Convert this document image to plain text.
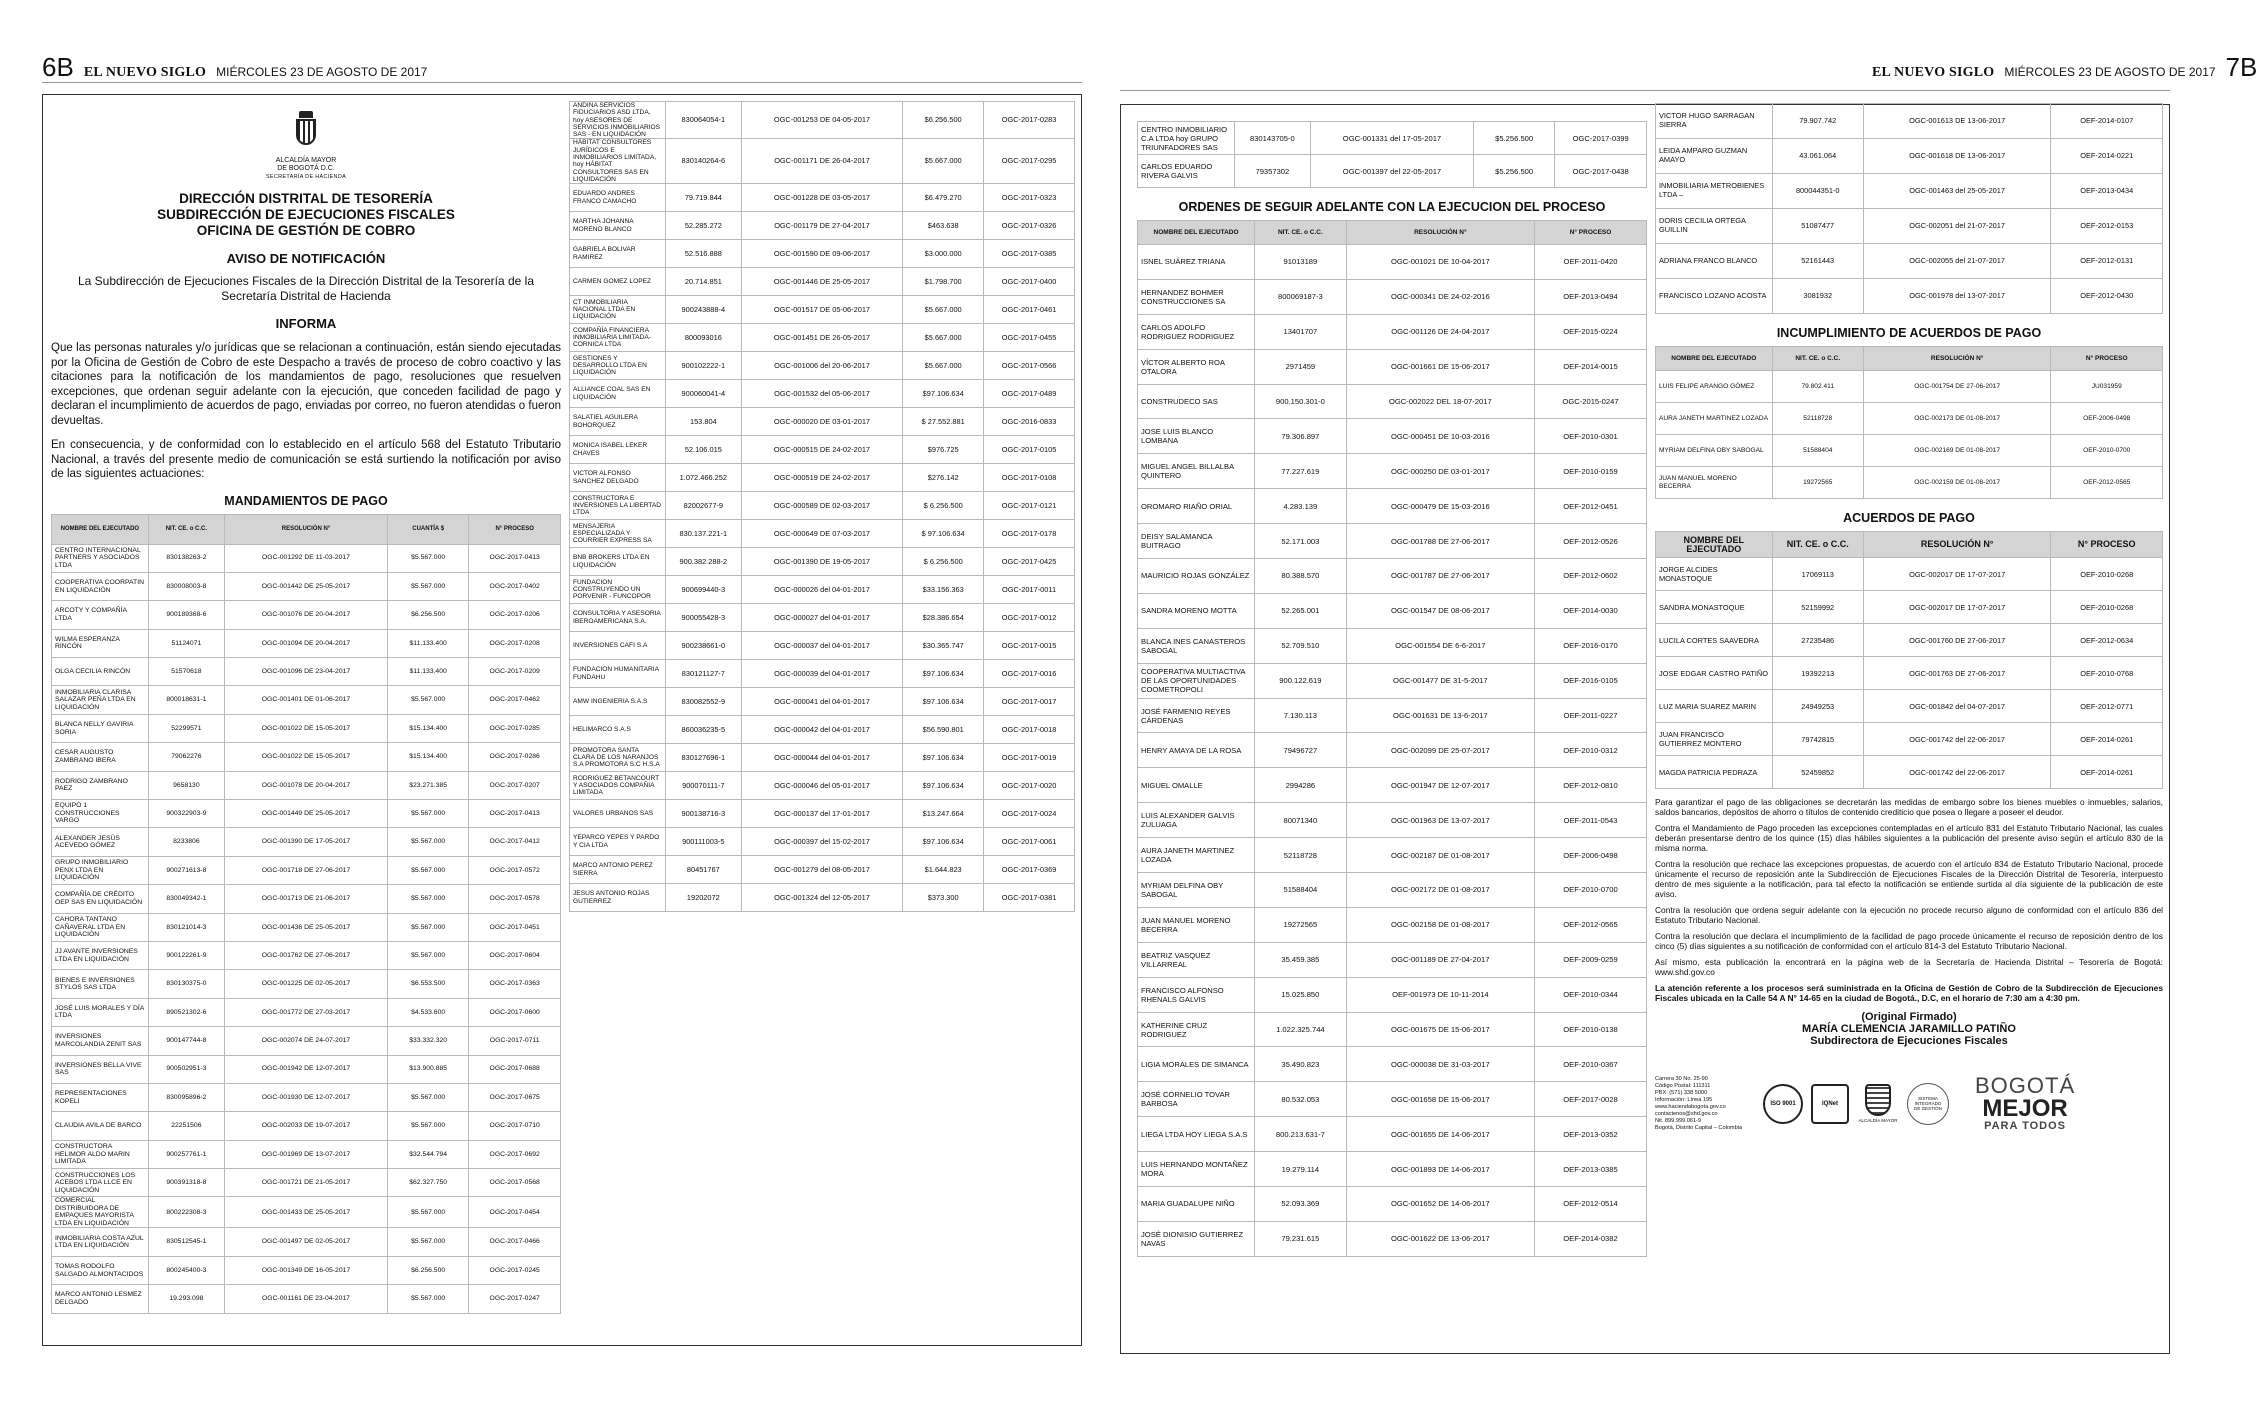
6B EL NUEVO SIGLO MIÉRCOLES 23 DE AGOSTO DE 2017	EL NUEVO SIGLO MIÉRCOLES 23 DE AGOSTO DE 2017 7B
ALCALDÍA MAYOR
DE BOGOTÁ D.C.
SECRETARÍA DE HACIENDA
DIRECCIÓN DISTRITAL DE TESORERÍA
SUBDIRECCIÓN DE EJECUCIONES FISCALES
OFICINA DE GESTIÓN DE COBRO
AVISO DE NOTIFICACIÓN
La Subdirección de Ejecuciones Fiscales de la Dirección Distrital de la Tesorería de la Secretaría Distrital de Hacienda
INFORMA
Que las personas naturales y/o jurídicas que se relacionan a continuación, están siendo ejecutadas por la Oficina de Gestión de Cobro de este Despacho a través de proceso de cobro coactivo y las citaciones para la notificación de los mandamientos de pago, resoluciones que resuelven excepciones, que ordenan seguir adelante con la ejecución, que conceden facilidad de pago y declaran el incumplimiento de acuerdos de pago, enviadas por correo, no fueron atendidas o fueron devueltas.
En consecuencia, y de conformidad con lo establecido en el artículo 568 del Estatuto Tributario Nacional, a través del presente medio de comunicación se está surtiendo la notificación por aviso de las siguientes actuaciones:
MANDAMIENTOS DE PAGO
NOMBRE DEL EJECUTADO	NIT. CE. o C.C.	RESOLUCIÓN N°	CUANTÍA $	N° PROCESO
CENTRO INTERNACIONAL PARTNERS Y ASOCIADOS LTDA	830138263-2	OGC-001292 DE 11-03-2017	$5.567.000	OGC-2017-0413
COOPERATIVA COORPATIN EN LIQUIDACIÓN	830008003-8	OGC-001442 DE 25-05-2017	$5.567.000	OGC-2017-0402
ARCOTY Y COMPAÑÍA LTDA	900189368-6	OGC-001076 DE 20-04-2017	$6.256.500	OGC-2017-0206
WILMA ESPERANZA RINCÓN	51124071	OGC-001094 DE 20-04-2017	$11.133.400	OGC-2017-0208
OLGA CECILIA RINCÓN	51570618	OGC-001096 DE 23-04-2017	$11.133.400	OGC-2017-0209
INMOBILIARIA CLARISA SALAZAR PEÑA LTDA EN LIQUIDACIÓN	800018631-1	OGC-001401 DE 01-06-2017	$5.567.000	OGC-2017-0462
BLANCA NELLY GAVIRIA SORIA	52299571	OGC-001022 DE 15-05-2017	$15.134.400	OGC-2017-0285
CESAR AUGUSTO ZAMBRANO IBERA	79062276	OGC-001022 DE 15-05-2017	$15.134.400	OGC-2017-0286
RODRIGO ZAMBRANO PAEZ	9658130	OGC-001078 DE 20-04-2017	$23.271.385	OGC-2017-0207
EQUIPO 1 CONSTRUCCIONES VARGO	900322903-9	OGC-001449 DE 25-05-2017	$5.567.000	OGC-2017-0413
ALEXANDER JESÚS ACEVEDO GÓMEZ	8233806	OGC-001390 DE 17-05-2017	$5.567.000	OGC-2017-0412
GRUPO INMOBILIARIO PENX LTDA EN LIQUIDACIÓN	900271613-8	OGC-001718 DE 27-06-2017	$5.567.000	OGC-2017-0572
COMPAÑÍA DE CRÉDITO OEP SAS EN LIQUIDACIÓN	830049342-1	OGC-001713 DE 21-06-2017	$5.567.000	OGC-2017-0578
CAHORA TANTANO CAÑAVERAL LTDA EN LIQUIDACIÓN	830121014-3	OGC-001436 DE 25-05-2017	$5.567.000	OGC-2017-0451
JJ AVANTE INVERSIONES LTDA EN LIQUIDACIÓN	900122261-9	OGC-001762 DE 27-06-2017	$5.567.000	OGC-2017-0604
BIENES E INVERSIONES STYLOS SAS LTDA	830130375-0	OGC-001225 DE 02-05-2017	$6.553.500	OGC-2017-0363
JOSÉ LUIS MORALES Y DÍA LTDA	890521302-6	OGC-001772 DE 27-03-2017	$4.533.600	OGC-2017-0600
INVERSIONES MARCOLANDIA ZENIT SAS	900147744-8	OGC-002074 DE 24-07-2017	$33.332.320	OGC-2017-0711
INVERSIONES BELLA VIVE SAS	900502951-3	OGC-001942 DE 12-07-2017	$13.900.885	OGC-2017-0688
REPRESENTACIONES KOPELI	830095896-2	OGC-001930 DE 12-07-2017	$5.567.000	OGC-2017-0675
CLAUDIA AVILA DE BARCO	22251506	OGC-002033 DE 19-07-2017	$5.567.000	OGC-2017-0710
CONSTRUCTORA HELIMOR ALDO MARIN LIMITADA	900257761-1	OGC-001969 DE 13-07-2017	$32.544.794	OGC-2017-0692
CONSTRUCCIONES LOS ACEBOS LTDA LLCE EN LIQUIDACIÓN	900391318-8	OGC-001721 DE 21-05-2017	$62.327.750	OGC-2017-0568
COMERCIAL DISTRIBUIDORA DE EMPAQUES MAYORISTA LTDA EN LIQUIDACIÓN	800222308-3	OGC-001433 DE 25-05-2017	$5.567.000	OGC-2017-0454
INMOBILIARIA COSTA AZUL LTDA EN LIQUIDACIÓN	830512545-1	OGC-001497 DE 02-05-2017	$5.567.000	OGC-2017-0466
TOMAS RODOLFO SALGADO ALMONTACIDOS	800245400-3	OGC-001349 DE 16-05-2017	$6.256.500	OGC-2017-0245
MARCO ANTONIO LESMEZ DELGADO	19.293.098	OGC-001161 DE 23-04-2017	$5.567.000	OGC-2017-0247
ANDINA SERVICIOS FIDUCIARIOS ASD LTDA, hoy ASESORES DE SERVICIOS INMOBILIARIOS SAS - EN LIQUIDACIÓN	830064054-1	OGC-001253 DE 04-05-2017	$6.256.500	OGC-2017-0283
HÁBITAT CONSULTORES JURÍDICOS E INMOBILIARIOS LIMITADA, hoy HÁBITAT CONSULTORES SAS EN LIQUIDACIÓN	830140264-6	OGC-001171 DE 26-04-2017	$5.667.000	OGC-2017-0295
EDUARDO ANDRES FRANCO CAMACHO	79.719.844	OGC-001228 DE 03-05-2017	$6.479.270	OGC-2017-0323
MARTHA JOHANNA MORENO BLANCO	52.285.272	OGC-001179 DE 27-04-2017	$463.638	OGC-2017-0326
GABRIELA BOLIVAR RAMIREZ	52.516.888	OGC-001590 DE 09-06-2017	$3.000.000	OGC-2017-0385
CARMEN GOMEZ LOPEZ	20.714.851	OGC-001446 DE 25-05-2017	$1.798.700	OGC-2017-0400
CT INMOBILIARIA NACIONAL LTDA EN LIQUIDACIÓN	900243888-4	OGC-001517 DE 05-06-2017	$5.667.000	OGC-2017-0461
COMPAÑÍA FINANCIERA INMOBILIARIA LIMITADA-CORNICA LTDA	800093016	OGC-001451 DE 26-05-2017	$5.667.000	OGC-2017-0455
GESTIONES Y DESARROLLO LTDA EN LIQUIDACIÓN	900102222-1	OGC-001006 del 20-06-2017	$5.667.000	OGC-2017-0566
ALLIANCE COAL SAS EN LIQUIDACIÓN	900060041-4	OGC-001532 del 05-06-2017	$97.106.634	OGC-2017-0489
SALATIEL AGUILERA BOHORQUEZ	153.804	OGC-000020 DE 03-01-2017	$ 27.552.881	OGC-2016-0833
MONICA ISABEL LEKER CHAVES	52.106.015	OGC-000515 DE 24-02-2017	$976.725	OGC-2017-0105
VICTOR ALFONSO SANCHEZ DELGADO	1.072.466.252	OGC-000519 DE 24-02-2017	$276.142	OGC-2017-0108
CONSTRUCTORA E INVERSIONES LA LIBERTAD LTDA	82002677-9	OGC-000589 DE 02-03-2017	$ 6.256.500	OGC-2017-0121
MENSAJERIA ESPECIALIZADA Y COURRIER EXPRESS SA	830.137.221-1	OGC-000649 DE 07-03-2017	$ 97.106.634	OGC-2017-0178
BNB BROKERS LTDA EN LIQUIDACIÓN	900.382.288-2	OGC-001390 DE 19-05-2017	$ 6.256.500	OGC-2017-0425
FUNDACION CONSTRUYENDO UN PORVENIR - FUNCOPOR	900699440-3	OGC-000026 del 04-01-2017	$33.156.363	OGC-2017-0011
CONSULTORIA Y ASESORIA IBEROAMERICANA S.A.	900055428-3	OGC-000027 del 04-01-2017	$28.386.654	OGC-2017-0012
INVERSIONES CAFI S.A	900238661-0	OGC-000037 del 04-01-2017	$30.365.747	OGC-2017-0015
FUNDACION HUMANITARIA FUNDAHU	830121127-7	OGC-000039 del 04-01-2017	$97.106.634	OGC-2017-0016
AMW INGENIERIA S.A.S	830082552-9	OGC-000041 del 04-01-2017	$97.106.634	OGC-2017-0017
HELIMARCO S.A.S	860036235-5	OGC-000042 del 04-01-2017	$56.590.801	OGC-2017-0018
PROMOTORA SANTA CLARA DE LOS NARANJOS S.A PROMOTORA S.C H.S.A	830127696-1	OGC-000044 del 04-01-2017	$97.106.634	OGC-2017-0019
RODRIGUEZ BETANCOURT Y ASOCIADOS COMPAÑIA LIMITADA	900070111-7	OGC-000046 del 05-01-2017	$97.106.634	OGC-2017-0020
VALORES URBANOS SAS	900138716-3	OGC-000137 del 17-01-2017	$13.247.664	OGC-2017-0024
YEPARCO YEPES Y PARDO Y CIA LTDA	900111003-5	OGC-000397 del 15-02-2017	$97.106.634	OGC-2017-0061
MARCO ANTONIO PEREZ SIERRA	80451767	OGC-001279 del 08-05-2017	$1.644.823	OGC-2017-0369
JESUS ANTONIO ROJAS GUTIERREZ	19202072	OGC-001324 del 12-05-2017	$373.300	OGC-2017-0381
CENTRO INMOBILIARIO C.A LTDA hoy GRUPO TRIUNFADORES SAS	830143705-0	OGC-001331 del 17-05-2017	$5.256.500	OGC-2017-0399
CARLOS EDUARDO RIVERA GALVIS	79357302	OGC-001397 del 22-05-2017	$5.256.500	OGC-2017-0438
ORDENES DE SEGUIR ADELANTE CON LA EJECUCION DEL PROCESO
NOMBRE DEL EJECUTADO	NIT. CE. o C.C.	RESOLUCIÓN N°	N° PROCESO
ISNEL SUÁREZ TRIANA	91013189	OGC-001021 DE 10-04-2017	OEF-2011-0420
HERNANDEZ BOHMER CONSTRUCCIONES SA	800069187-3	OGC-000341 DE 24-02-2016	OEF-2013-0494
CARLOS ADOLFO RODRIGUEZ RODRIGUEZ	13401707	OGC-001126 DE 24-04-2017	OEF-2015-0224
VÍCTOR ALBERTO ROA OTALORA	2971459	OGC-001661 DE 15-06-2017	OEF-2014-0015
CONSTRUDECO SAS	900.150.301-0	OGC-002022 DEL 18-07-2017	OGC-2015-0247
JOSE LUIS BLANCO LOMBANA	79.306.897	OGC-000451 DE 10-03-2016	OEF-2010-0301
MIGUEL ANGEL BILLALBA QUINTERO	77.227.619	OGC-000250 DE 03-01-2017	OEF-2010-0159
OROMARO RIAÑO ORIAL	4.283.139	OGC-000479 DE 15-03-2016	OEF-2012-0451
DEISY SALAMANCA BUITRAGO	52.171.003	OGC-001788 DE 27-06-2017	OEF-2012-0526
MAURICIO ROJAS GONZÁLEZ	80.388.570	OGC-001787 DE 27-06-2017	OEF-2012-0602
SANDRA MORENO MOTTA	52.265.001	OGC-001547 DE 08-06-2017	OEF-2014-0030
BLANCA INES CANASTEROS SABOGAL	52.709.510	OGC-001554 DE 6-6-2017	OEF-2016-0170
COOPERATIVA MULTIACTIVA DE LAS OPORTUNIDADES COOMETROPOLI	900.122.619	OGC-001477 DE 31-5-2017	OEF-2016-0105
JOSÉ FARMENIO REYES CÁRDENAS	7.130.113	OGC-001631 DE 13-6-2017	OEF-2011-0227
HENRY AMAYA DE LA ROSA	79496727	OGC-002099 DE 25-07-2017	OEF-2010-0312
MIGUEL OMALLE	2994286	OGC-001947 DE 12-07-2017	OEF-2012-0810
LUIS ALEXANDER GALVIS ZULUAGA	80071340	OGC-001963 DE 13-07-2017	OEF-2011-0543
AURA JANETH MARTINEZ LOZADA	52118728	OGC-002187 DE 01-08-2017	OEF-2006-0498
MYRIAM DELFINA OBY SABOGAL	51588404	OGC-002172 DE 01-08-2017	OEF-2010-0700
JUAN MANUEL MORENO BECERRA	19272565	OGC-002158 DE 01-08-2017	OEF-2012-0565
BEATRIZ VASQUEZ VILLARREAL	35.459.385	OGC-001189 DE 27-04-2017	OEF-2009-0259
FRANCISCO ALFONSO RHENALS GALVIS	15.025.850	OEF-001973 DE 10-11-2014	OEF-2010-0344
KATHERINE CRUZ RODRIGUEZ	1.022.325.744	OGC-001675 DE 15-06-2017	OEF-2010-0138
LIGIA MORALES DE SIMANCA	35.490.823	OGC-000038 DE 31-03-2017	OEF-2010-0367
JOSÉ CORNELIO TOVAR BARBOSA	80.532.053	OGC-001658 DE 15-06-2017	OEF-2017-0028
LIEGA LTDA HOY LIEGA S.A.S	800.213.631-7	OGC-001655 DE 14-06-2017	OEF-2013-0352
LUIS HERNANDO MONTAÑEZ MORA	19.279.114	OGC-001893 DE 14-06-2017	OEF-2013-0385
MARIA GUADALUPE NIÑO	52.093.369	OGC-001652 DE 14-06-2017	OEF-2012-0514
JOSÉ DIONISIO GUTIERREZ NAVAS	79.231.615	OGC-001622 DE 13-06-2017	OEF-2014-0382
VICTOR HUGO SARRAGAN SIERRA	79.907.742	OGC-001613 DE 13-06-2017	OEF-2014-0107
LEIDA AMPARO GUZMAN AMAYO	43.061.064	OGC-001618 DE 13-06-2017	OEF-2014-0221
INMOBILIARIA METROBIENES LTDA –	800044351-0	OGC-001463 del 25-05-2017	OEF-2013-0434
DORIS CECILIA ORTEGA GUILLIN	51087477	OGC-002051 del 21-07-2017	OEF-2012-0153
ADRIANA FRANCO BLANCO	52161443	OGC-002055 del 21-07-2017	OEF-2012-0131
FRANCISCO LOZANO ACOSTA	3081932	OGC-001978 del 13-07-2017	OEF-2012-0430
INCUMPLIMIENTO DE ACUERDOS DE PAGO
NOMBRE DEL EJECUTADO	NIT. CE. o C.C.	RESOLUCIÓN N°	N° PROCESO
LUIS FELIPE ARANGO GÓMEZ	79.802.411	OGC-001754 DE 27-06-2017	JU031959
AURA JANETH MARTINEZ LOZADA	52118728	OGC-002173 DE 01-08-2017	OEF-2006-0498
MYRIAM DELFINA OBY SABOGAL	51588404	OGC-002169 DE 01-08-2017	OEF-2010-0700
JUAN MANUEL MORENO BECERRA	19272565	OGC-002159 DE 01-08-2017	OEF-2012-0565
ACUERDOS DE PAGO
NOMBRE DEL EJECUTADO	NIT. CE. o C.C.	RESOLUCIÓN N°	N° PROCESO
JORGE ALCIDES MONASTOQUE	17069113	OGC-002017 DE 17-07-2017	OEF-2010-0268
SANDRA MONASTOQUE	52159992	OGC-002017 DE 17-07-2017	OEF-2010-0268
LUCILA CORTES SAAVEDRA	27235486	OGC-001760 DE 27-06-2017	OEF-2012-0634
JOSE EDGAR CASTRO PATIÑO	19392213	OGC-001763 DE 27-06-2017	OEF-2010-0768
LUZ MARIA SUAREZ MARIN	24949253	OGC-001842 del 04-07-2017	OEF-2012-0771
JUAN FRANCISCO GUTIERREZ MONTERO	79742815	OGC-001742 del 22-06-2017	OEF-2014-0261
MAGDA PATRICIA PEDRAZA	52459852	OGC-001742 del 22-06-2017	OEF-2014-0261

Para garantizar el pago de las obligaciones se decretarán las medidas de embargo sobre los bienes muebles o inmuebles, salarios, saldos bancarios, depósitos de ahorro o títulos de contenido crediticio que posea o llegare a poseer el deudor.

Contra el Mandamiento de Pago proceden las excepciones contempladas en el artículo 831 del Estatuto Tributario Nacional, las cuales deberán presentarse dentro de los quince (15) días hábiles siguientes a la publicación del presente aviso según el artículo 830 de la misma norma.

Contra la resolución que rechace las excepciones propuestas, de acuerdo con el artículo 834 de Estatuto Tributario Nacional, procede únicamente el recurso de reposición ante la Subdirección de Ejecuciones Fiscales de la Dirección Distrital de Tesorería, interpuesto dentro de mes siguiente a la notificación, para tal efecto la notificación se entiende surtida al día siguiente de la publicación de este aviso.

Contra la resolución que ordena seguir adelante con la ejecución no procede recurso alguno de conformidad con el artículo 836 del Estatuto Tributario Nacional.

Contra la resolución que declara el incumplimiento de la facilidad de pago procede únicamente el recurso de reposición dentro de los cinco (5) días siguientes a su notificación de conformidad con el artículo 814-3 del Estatuto Tributario Nacional.

Así mismo, esta publicación la encontrará en la página web de la Secretaría de Hacienda Distrital – Tesorería de Bogotá: www.shd.gov.co

La atención referente a los procesos será suministrada en la Oficina de Gestión de Cobro de la Subdirección de Ejecuciones Fiscales ubicada en la Calle 54 A N° 14-65 en la ciudad de Bogotá., D.C, en el horario de 7:30 am a 4:30 pm.

(Original Firmado)
MARÍA CLEMENCIA JARAMILLO PATIÑO
Subdirectora de Ejecuciones Fiscales
Carrera 30 No. 25-90
Código Postal: 111311
PBX: (571) 338 5000
Información: Línea 195
www.haciendabogota.gov.co
contactenos@shd.gov.co
Nit. 899.999.061-9
Bogotá, Distrito Capital – Colombia
ISO 9001	IQNet
ALCALDÍA MAYOR
SISTEMA INTEGRADO DE GESTIÓN
BOGOTÁ
MEJOR
PARA TODOS
